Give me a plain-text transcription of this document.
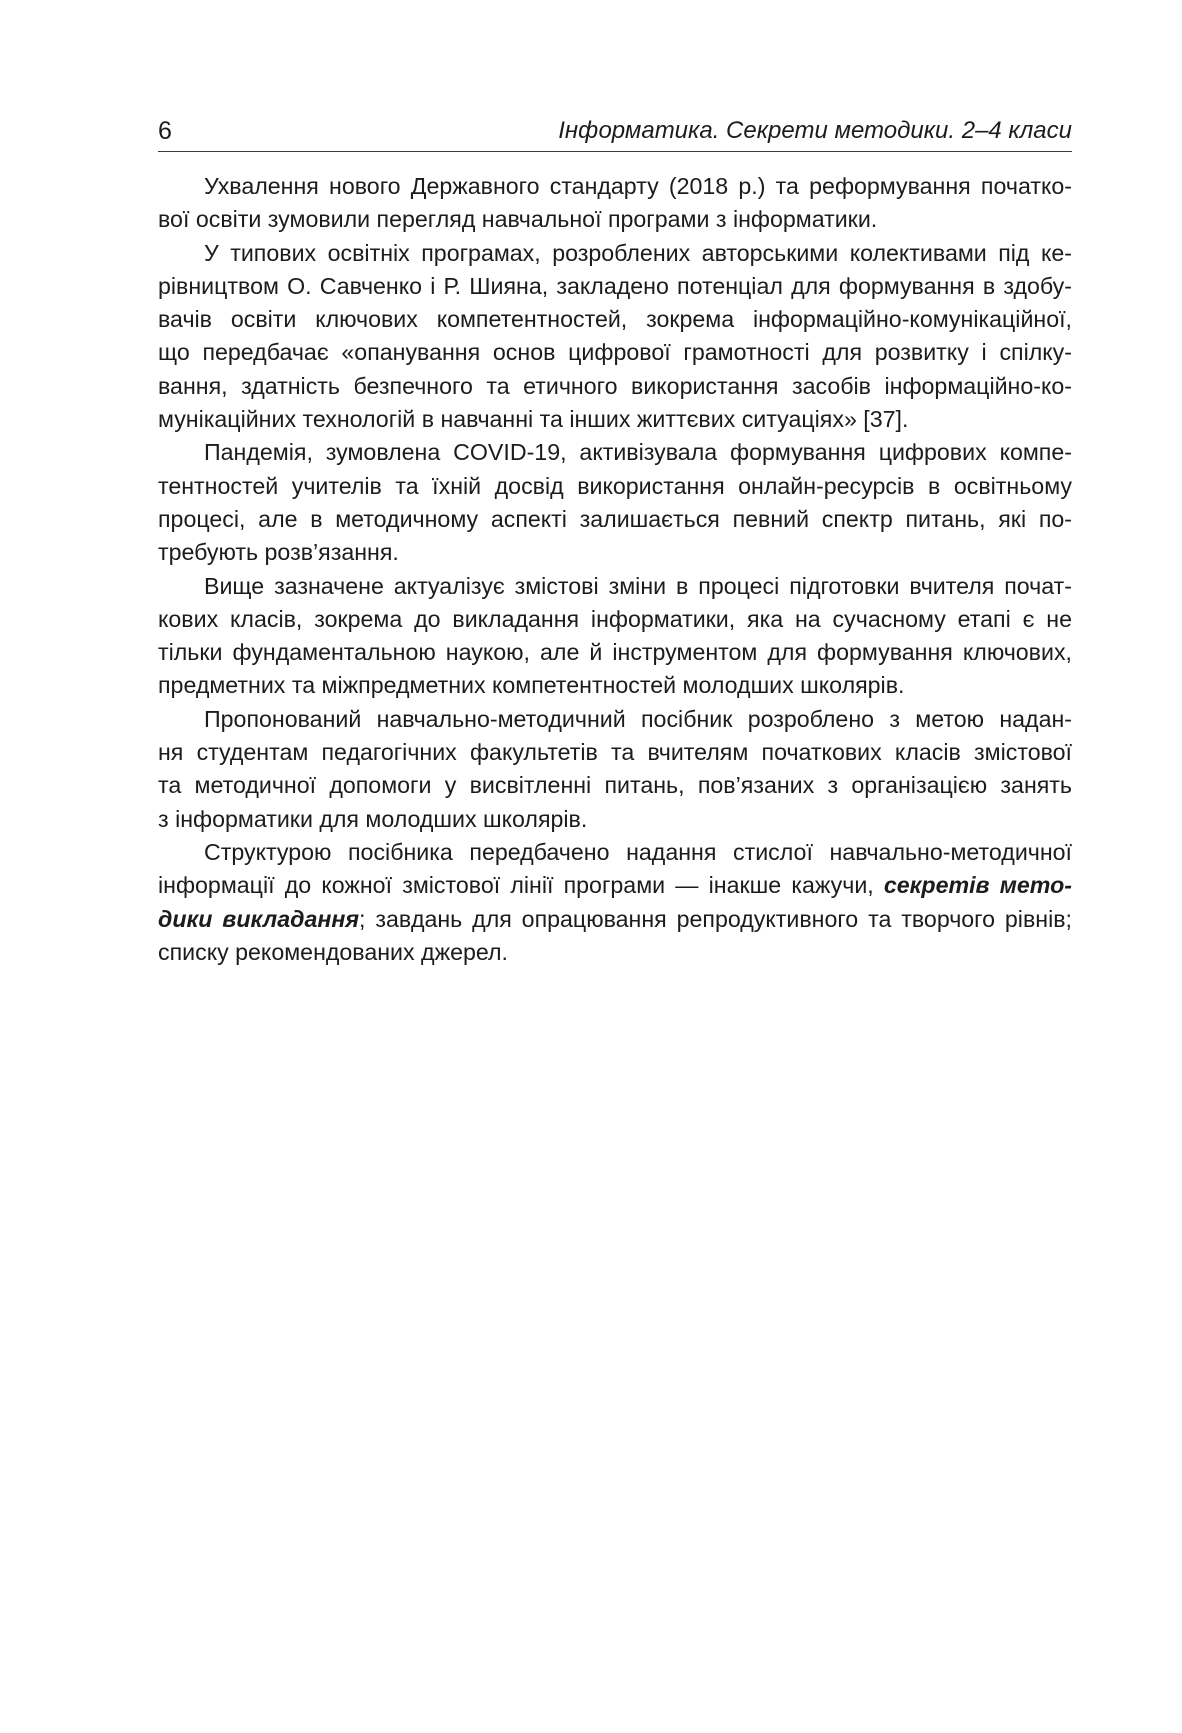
6	Інформатика. Секрети методики. 2–4 класи
Ухвалення нового Державного стандарту (2018 р.) та реформування початко-
вої освіти зумовили перегляд навчальної програми з інформатики.
У типових освітніх програмах, розроблених авторськими колективами під ке-
рівництвом О. Савченко і Р. Шияна, закладено потенціал для формування в здобу-
вачів освіти ключових компетентностей, зокрема інформаційно-комунікаційної,
що передбачає «опанування основ цифрової грамотності для розвитку і спілку-
вання, здатність безпечного та етичного використання засобів інформаційно-ко-
мунікаційних технологій в навчанні та інших життєвих ситуаціях» [37].
Пандемія, зумовлена COVID-19, активізувала формування цифрових компе-
тентностей учителів та їхній досвід використання онлайн-ресурсів в освітньому
процесі, але в методичному аспекті залишається певний спектр питань, які по-
требують розв’язання.
Вище зазначене актуалізує змістові зміни в процесі підготовки вчителя почат-
кових класів, зокрема до викладання інформатики, яка на сучасному етапі є не
тільки фундаментальною наукою, але й інструментом для формування ключових,
предметних та міжпредметних компетентностей молодших школярів.
Пропонований навчально-методичний посібник розроблено з метою надан-
ня студентам педагогічних факультетів та вчителям початкових класів змістової
та методичної допомоги у висвітленні питань, пов’язаних з організацією занять
з інформатики для молодших школярів.
Структурою посібника передбачено надання стислої навчально-методичної
інформації до кожної змістової лінії програми — інакше кажучи, секретів мето-
дики викладання; завдань для опрацювання репродуктивного та творчого рівнів;
списку рекомендованих джерел.
